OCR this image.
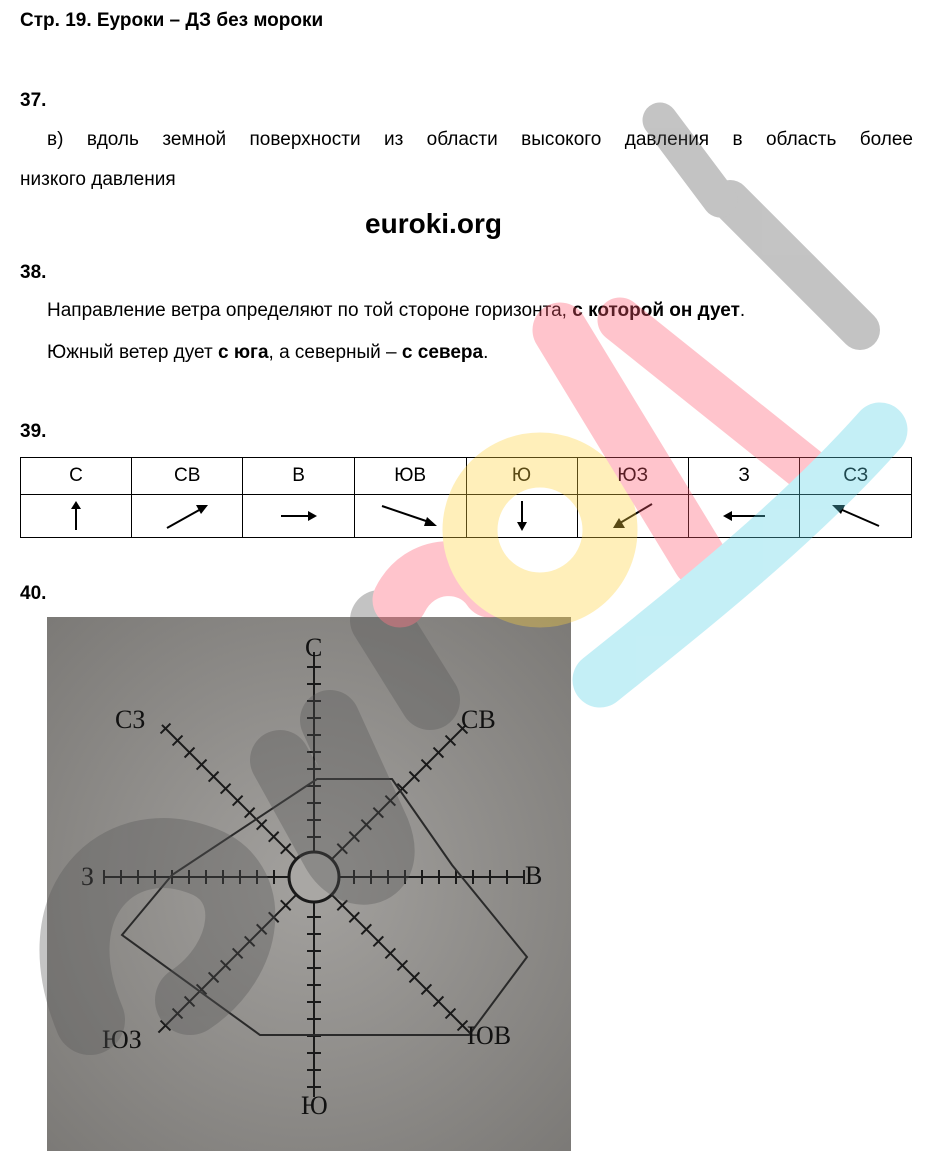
Стр. 19. Еуроки – ДЗ без мороки
37.
в) вдоль земной поверхности из области высокого давления в область более
низкого давления
euroki.org
38.
Направление ветра определяют по той стороне горизонта, с которой он дует.
Южный ветер дует с юга, а северный – с севера.
39.
С	СВ	В	ЮВ	Ю	ЮЗ	З	СЗ

40.
С
СВ
В
ЮВ
Ю
ЮЗ
З
СЗ
